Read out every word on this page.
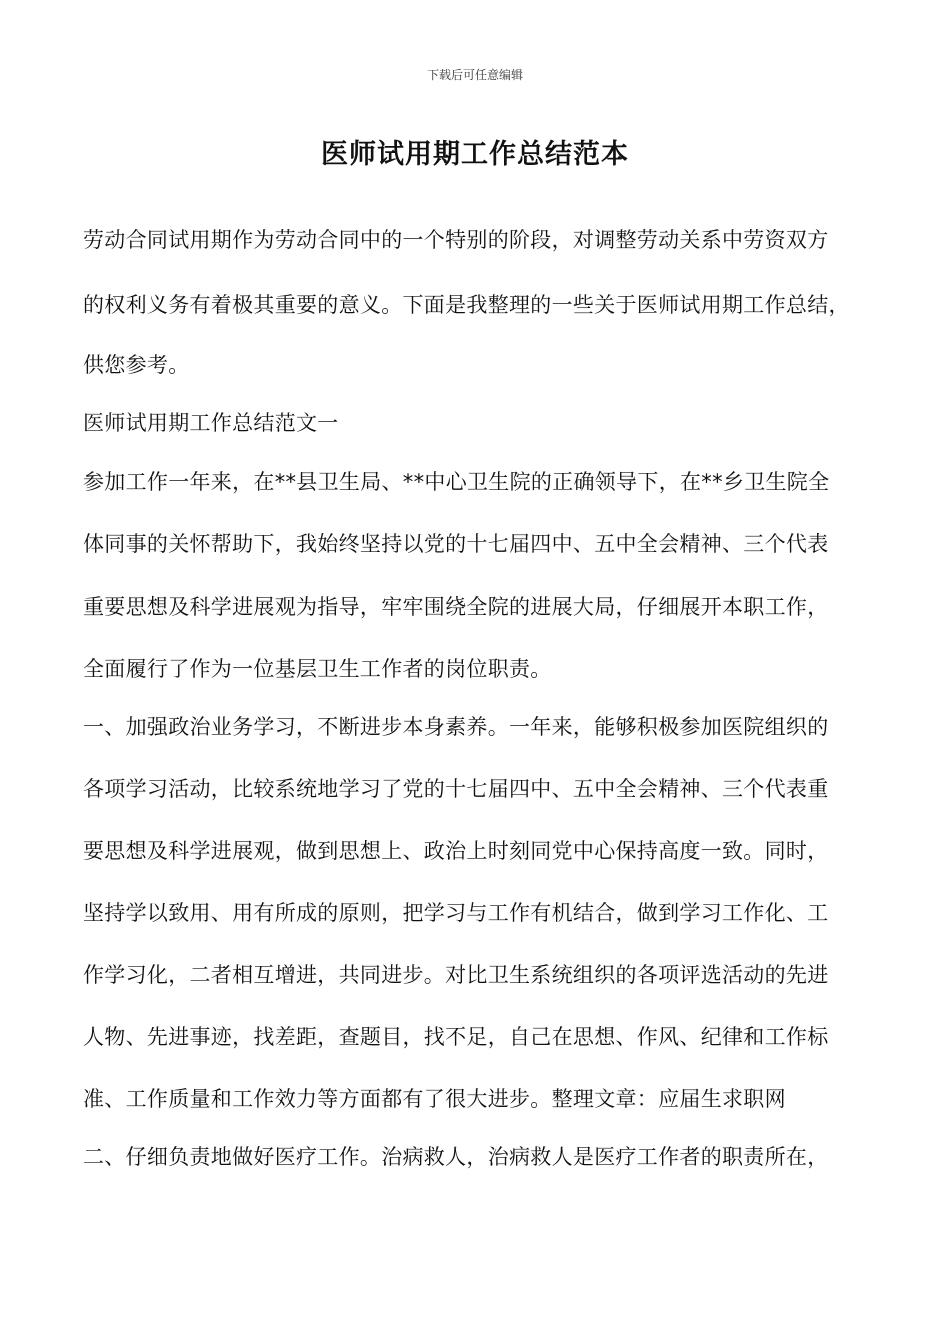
下载后可任意编辑
医师试用期工作总结范本
劳动合同试用期作为劳动合同中的一个特别的阶段，对调整劳动关系中劳资双方
的权利义务有着极其重要的意义。下面是我整理的一些关于医师试用期工作总结，
供您参考。
医师试用期工作总结范文一
参加工作一年来，在**县卫生局、**中心卫生院的正确领导下，在**乡卫生院全
体同事的关怀帮助下，我始终坚持以党的十七届四中、五中全会精神、三个代表
重要思想及科学进展观为指导，牢牢围绕全院的进展大局，仔细展开本职工作，
全面履行了作为一位基层卫生工作者的岗位职责。
一、加强政治业务学习，不断进步本身素养。一年来，能够积极参加医院组织的
各项学习活动，比较系统地学习了党的十七届四中、五中全会精神、三个代表重
要思想及科学进展观，做到思想上、政治上时刻同党中心保持高度一致。同时，
坚持学以致用、用有所成的原则，把学习与工作有机结合，做到学习工作化、工
作学习化，二者相互增进，共同进步。对比卫生系统组织的各项评选活动的先进
人物、先进事迹，找差距，查题目，找不足，自己在思想、作风、纪律和工作标
准、工作质量和工作效力等方面都有了很大进步。整理文章：应届生求职网
二、仔细负责地做好医疗工作。治病救人，治病救人是医疗工作者的职责所在，
